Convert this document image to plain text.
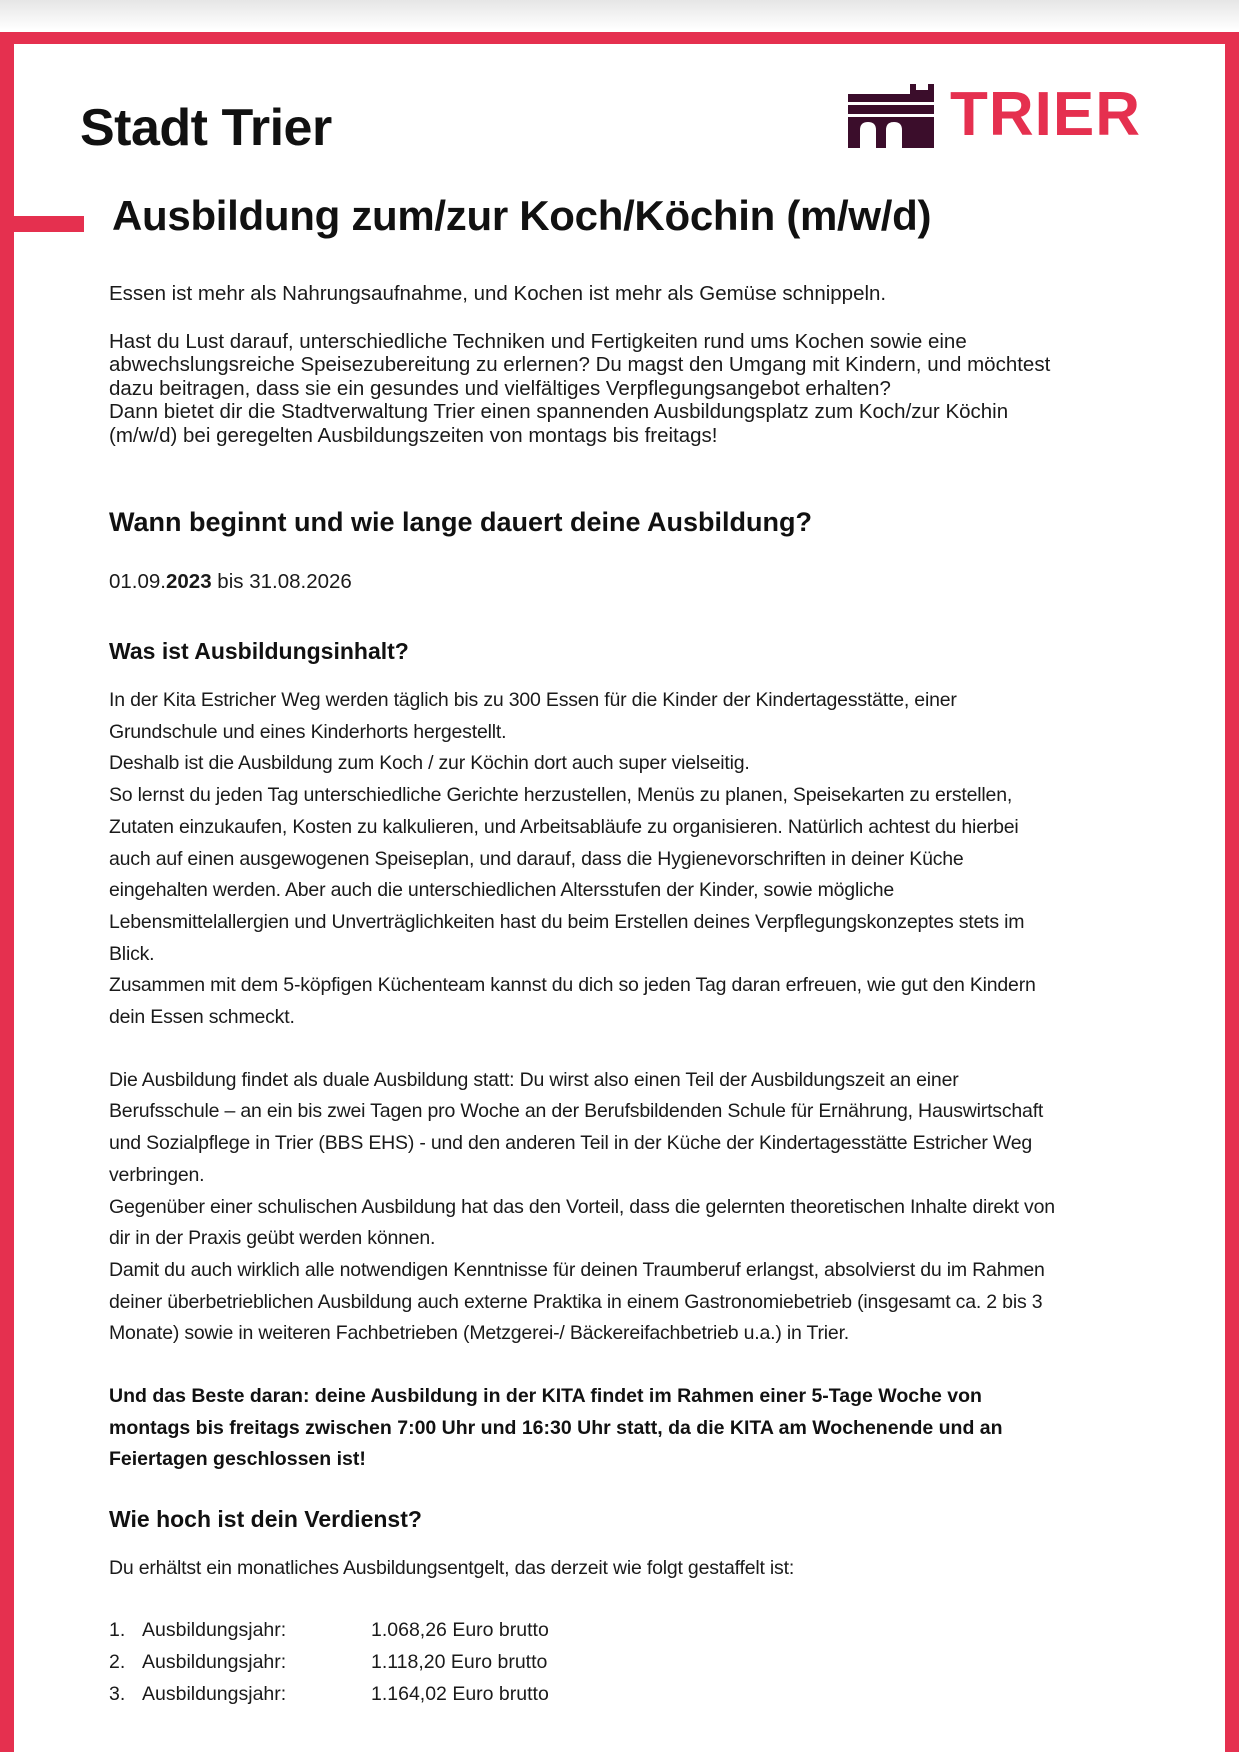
Stadt Trier	TRIER
Ausbildung zum/zur Koch/Köchin (m/w/d)

Essen ist mehr als Nahrungsaufnahme, und Kochen ist mehr als Gemüse schnippeln.

Hast du Lust darauf, unterschiedliche Techniken und Fertigkeiten rund ums Kochen sowie eine

abwechslungsreiche Speisezubereitung zu erlernen? Du magst den Umgang mit Kindern, und möchtest

dazu beitragen, dass sie ein gesundes und vielfältiges Verpflegungsangebot erhalten?

Dann bietet dir die Stadtverwaltung Trier einen spannenden Ausbildungsplatz zum Koch/zur Köchin

(m/w/d) bei geregelten Ausbildungszeiten von montags bis freitags!

Wann beginnt und wie lange dauert deine Ausbildung?

01.09.2023 bis 31.08.2026

Was ist Ausbildungsinhalt?

In der Kita Estricher Weg werden täglich bis zu 300 Essen für die Kinder der Kindertagesstätte, einer

Grundschule und eines Kinderhorts hergestellt.

Deshalb ist die Ausbildung zum Koch / zur Köchin dort auch super vielseitig.

So lernst du jeden Tag unterschiedliche Gerichte herzustellen, Menüs zu planen, Speisekarten zu erstellen,

Zutaten einzukaufen, Kosten zu kalkulieren, und Arbeitsabläufe zu organisieren. Natürlich achtest du hierbei

auch auf einen ausgewogenen Speiseplan, und darauf, dass die Hygienevorschriften in deiner Küche

eingehalten werden. Aber auch die unterschiedlichen Altersstufen der Kinder, sowie mögliche

Lebensmittelallergien und Unverträglichkeiten hast du beim Erstellen deines Verpflegungskonzeptes stets im

Blick.

Zusammen mit dem 5-köpfigen Küchenteam kannst du dich so jeden Tag daran erfreuen, wie gut den Kindern

dein Essen schmeckt.

Die Ausbildung findet als duale Ausbildung statt: Du wirst also einen Teil der Ausbildungszeit an einer

Berufsschule – an ein bis zwei Tagen pro Woche an der Berufsbildenden Schule für Ernährung, Hauswirtschaft

und Sozialpflege in Trier (BBS EHS) - und den anderen Teil in der Küche der Kindertagesstätte Estricher Weg

verbringen.

Gegenüber einer schulischen Ausbildung hat das den Vorteil, dass die gelernten theoretischen Inhalte direkt von

dir in der Praxis geübt werden können.

Damit du auch wirklich alle notwendigen Kenntnisse für deinen Traumberuf erlangst, absolvierst du im Rahmen

deiner überbetrieblichen Ausbildung auch externe Praktika in einem Gastronomiebetrieb (insgesamt ca. 2 bis 3

Monate) sowie in weiteren Fachbetrieben (Metzgerei-/ Bäckereifachbetrieb u.a.) in Trier.

Und das Beste daran: deine Ausbildung in der KITA findet im Rahmen einer 5-Tage Woche von
montags bis freitags zwischen 7:00 Uhr und 16:30 Uhr statt, da die KITA am Wochenende und an
Feiertagen geschlossen ist!
Wie hoch ist dein Verdienst?

Du erhältst ein monatliches Ausbildungsentgelt, das derzeit wie folgt gestaffelt ist:

1. Ausbildungsjahr:	1.068,26 Euro brutto
2. Ausbildungsjahr:	1.118,20 Euro brutto
3. Ausbildungsjahr:	1.164,02 Euro brutto
